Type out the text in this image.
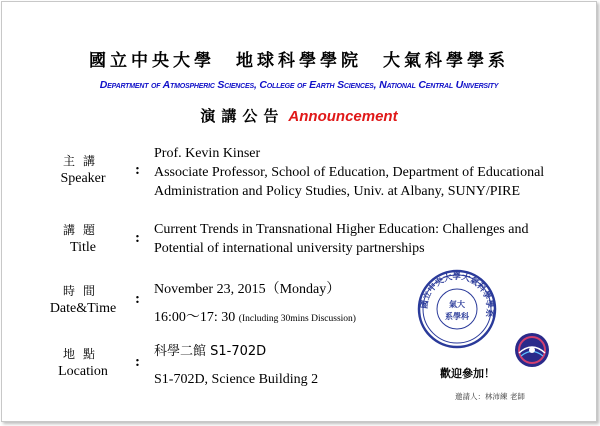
國立中央大學　地球科學學院　大氣科學學系
Department of Atmospheric Sciences, College of Earth Sciences, National Central University
演講公告 Announcement
主講
Speaker
:
Prof. Kevin Kinser
Associate Professor, School of Education, Department of Educational
Administration and Policy Studies, Univ. at Albany, SUNY/PIRE
講題
Title
:
Current Trends in Transnational Higher Education: Challenges and
Potential of international university partnerships
時間
Date&Time
:
November 23, 2015（Monday）
16:00～17: 30 (Including 30mins Discussion)
地點
Location
:
科學二館 S1-702D
S1-702D, Science Building 2
國立中央大學大氣科學學系
氣大
系學科
歡迎參加！
邀請人：林沛練 老師
